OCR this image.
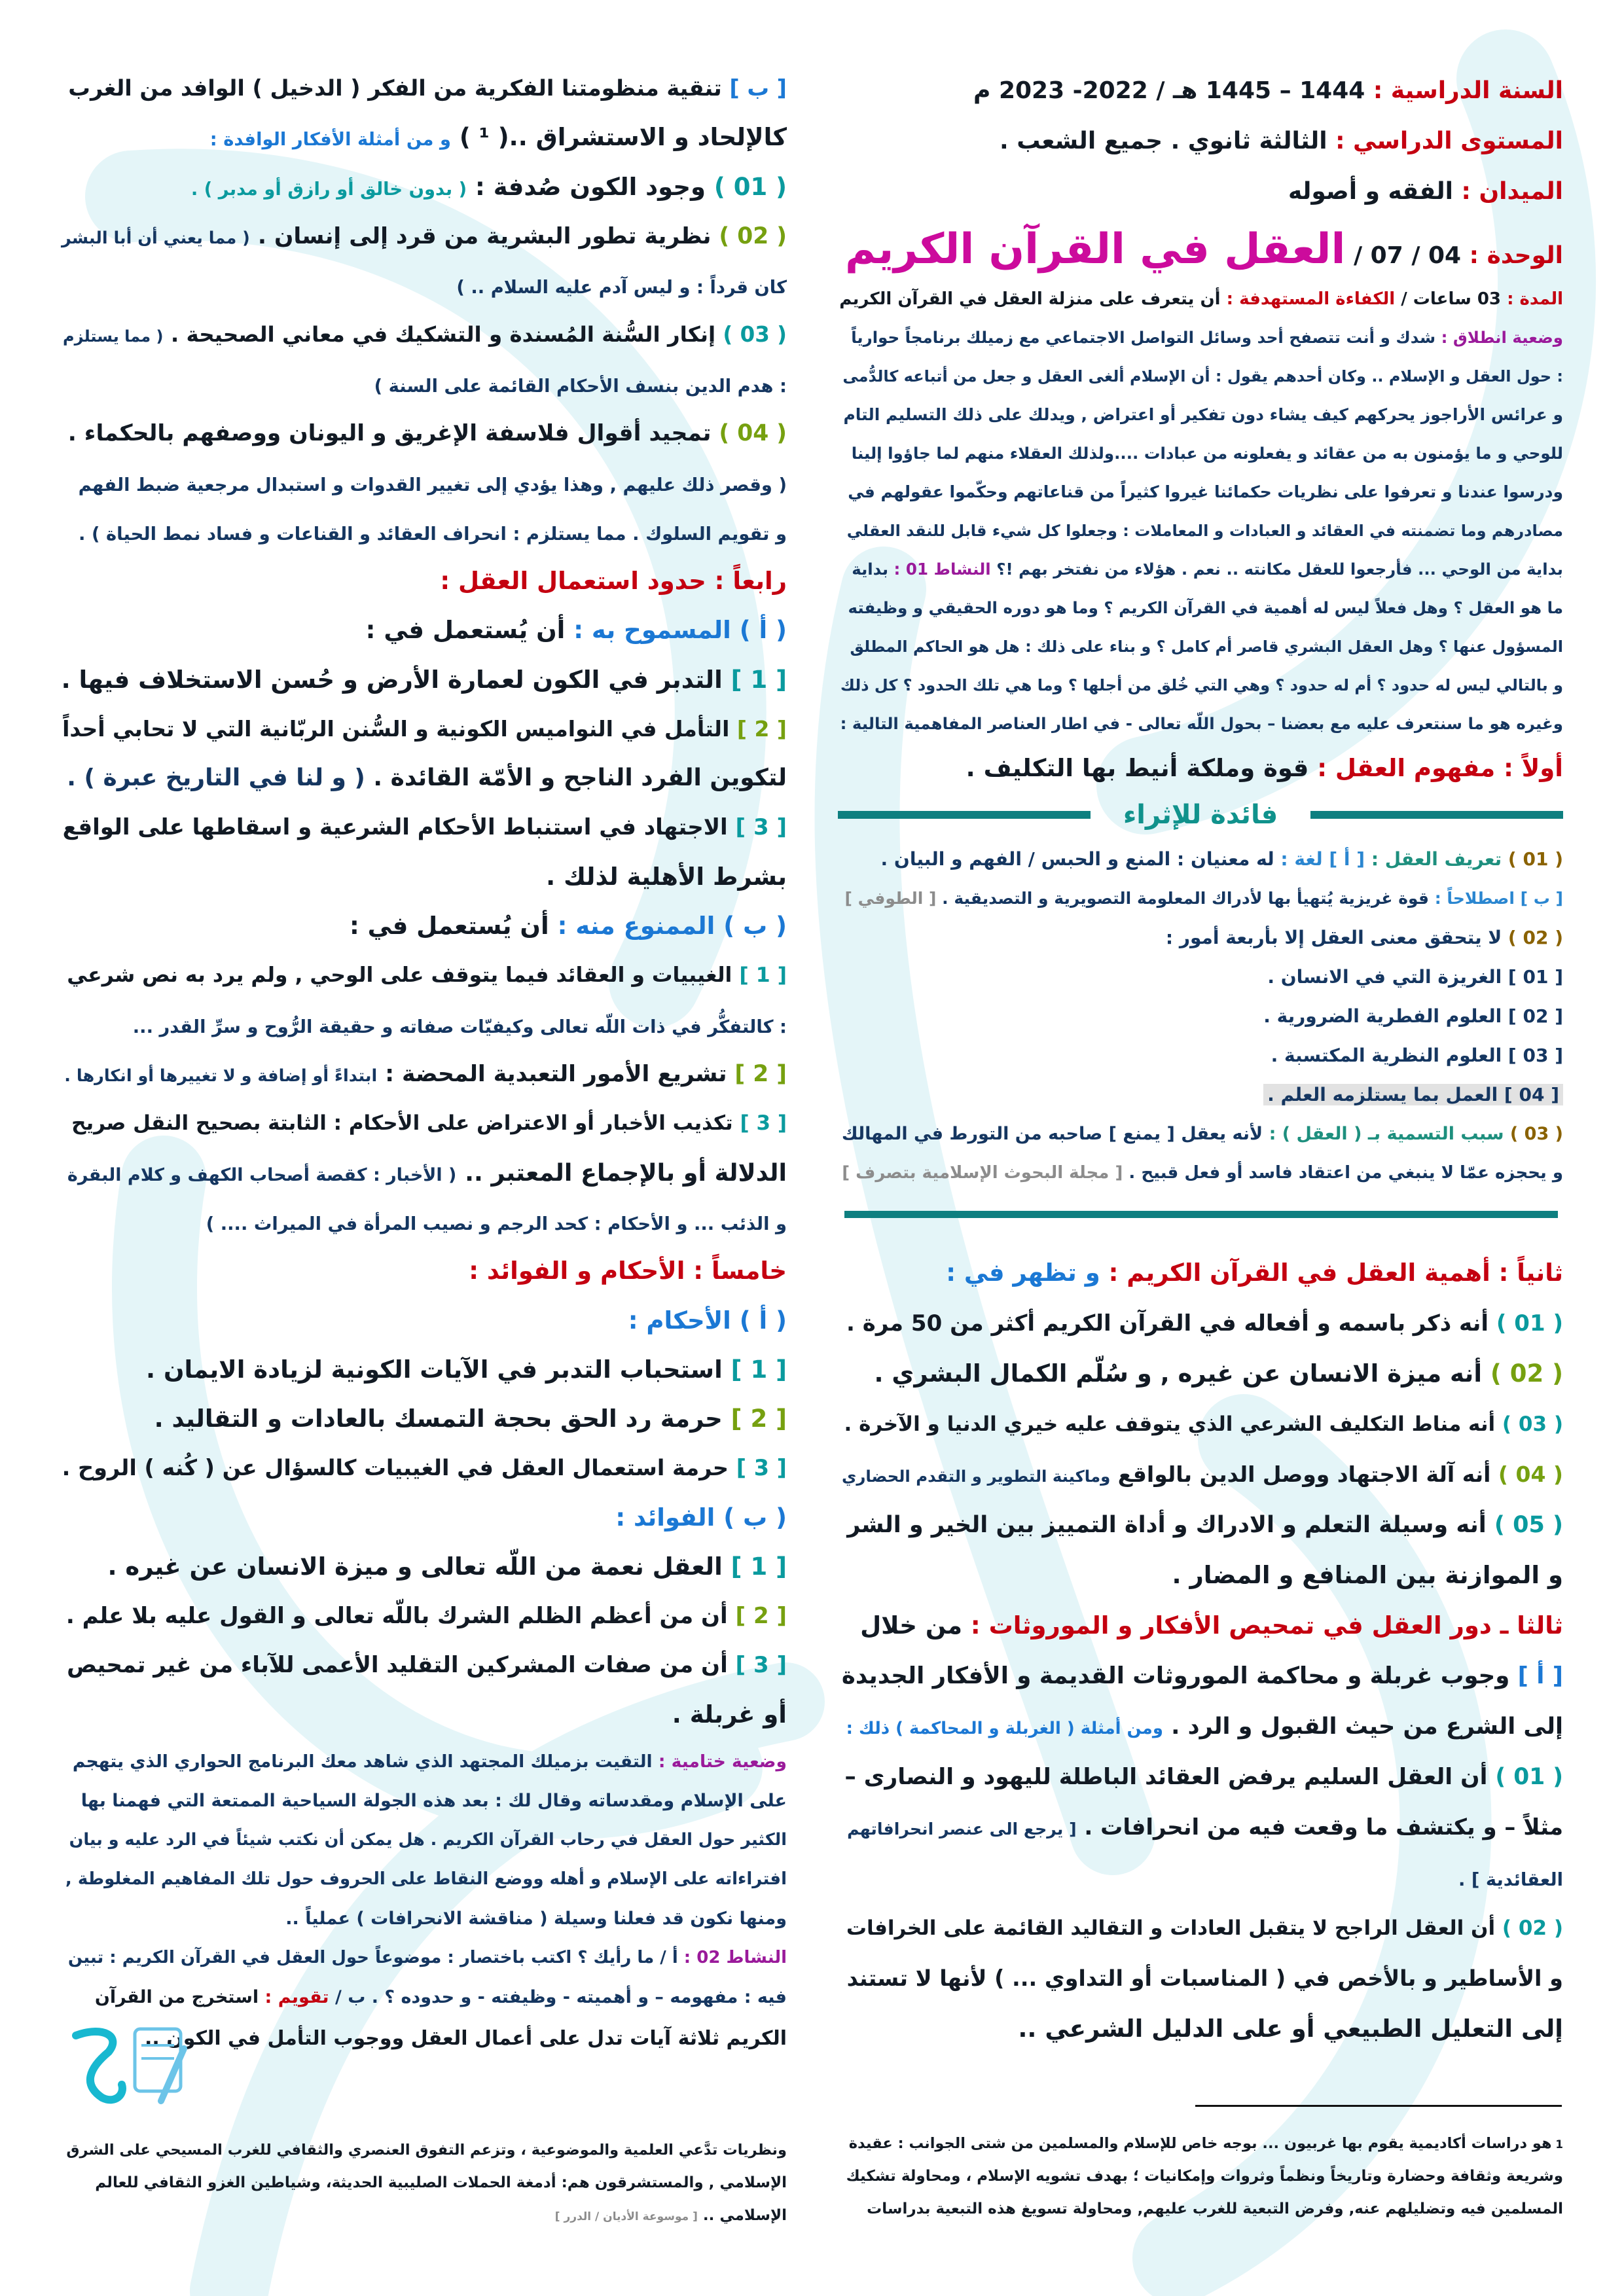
السنة الدراسية : 1444 – 1445 هـ / 2022- 2023 م
المستوى الدراسي : الثالثة ثانوي . جميع الشعب .
الميدان : الفقه و أصوله
الوحدة : 04 / 07 / العقل في القرآن الكريم
المدة : 03 ساعات / الكفاءة المستهدفة : أن يتعرف على منزلة العقل في القرآن الكريم
وضعية انطلاق : شدك و أنت تتصفح أحد وسائل التواصل الاجتماعي مع زميلك برنامجاً حوارياً
: حول العقل و الإسلام .. وكان أحدهم يقول : أن الإسلام ألغى العقل و جعل من أتباعه كالدُّمى
و عرائس الأراجوز يحركهم كيف يشاء دون تفكير أو اعتراض , ويدلك على ذلك التسليم التام
للوحي و ما يؤمنون به من عقائد و يفعلونه من عبادات ....ولذلك العقلاء منهم لما جاؤوا إلينا
ودرسوا عندنا و تعرفوا على نظريات حكمائنا غيروا كثيراً من قناعاتهم وحكّموا عقولهم في
مصادرهم وما تضمنته في العقائد و العبادات و المعاملات : وجعلوا كل شيء قابل للنقد العقلي
بداية من الوحي ... فأرجعوا للعقل مكانته .. نعم . هؤلاء من نفتخر بهم !؟ النشاط 01 : بداية
ما هو العقل ؟ وهل فعلاً ليس له أهمية في القرآن الكريم ؟ وما هو دوره الحقيقي و وظيفته
المسؤول عنها ؟ وهل العقل البشري قاصر أم كامل ؟ و بناء على ذلك : هل هو الحاكم المطلق
و بالتالي ليس له حدود ؟ أم له حدود ؟ وهي التي خُلق من أجلها ؟ وما هي تلك الحدود ؟ كل ذلك
وغيره هو ما سنتعرف عليه مع بعضنا – بحول اللّه تعالى - في اطار العناصر المفاهمية التالية :
أولاً : مفهوم العقل : قوة وملكة أنيط بها التكليف .
فائدة للإثراء
( 01 ) تعريف العقل : [ أ ] لغة : له معنيان : المنع و الحبس / الفهم و البيان .
[ ب ] اصطلاحاً : قوة غريزية يُتهيأ بها لأدراك المعلومة التصويرية و التصديقية . [ الطوفي ]
( 02 ) لا يتحقق معنى العقل إلا بأربعة أمور :
[ 01 ] الغريزة التي في الانسان .
[ 02 ] العلوم الفطرية الضرورية .
[ 03 ] العلوم النظرية المكتسبة .
[ 04 ] العمل بما يستلزمه العلم .
( 03 ) سبب التسمية بـ ( العقل ) : لأنه يعقل [ يمنع ] صاحبه من التورط في المهالك
و يحجزه عمّا لا ينبغي من اعتقاد فاسد أو فعل قبيح . [ مجلة البحوث الإسلامية بتصرف ]
ثانياً : أهمية العقل في القرآن الكريم : و تظهر في :
( 01 ) أنه ذكر باسمه و أفعاله في القرآن الكريم أكثر من 50 مرة .
( 02 ) أنه ميزة الانسان عن غيره , و سُلّم الكمال البشري .
( 03 ) أنه مناط التكليف الشرعي الذي يتوقف عليه خيري الدنيا و الآخرة .
( 04 ) أنه آلة الاجتهاد ووصل الدين بالواقع وماكينة التطوير و التقدم الحضاري
( 05 ) أنه وسيلة التعلم و الادراك و أداة التمييز بين الخير و الشر
و الموازنة بين المنافع و المضار .
ثالثا ـ دور العقل في تمحيص الأفكار و الموروثات : من خلال
[ أ ] وجوب غربلة و محاكمة الموروثات القديمة و الأفكار الجديدة
إلى الشرع من حيث القبول و الرد . ومن أمثلة ( الغربلة و المحاكمة ) ذلك :
( 01 ) أن العقل السليم يرفض العقائد الباطلة لليهود و النصارى –
مثلاً – و يكتشف ما وقعت فيه من انحرافات . [ يرجع الى عنصر انحرافاتهم
العقائدية ] .
( 02 ) أن العقل الراجح لا يتقبل العادات و التقاليد القائمة على الخرافات
و الأساطير و بالأخص في ( المناسبات أو التداوي ... ) لأنها لا تستند
إلى التعليل الطبيعي أو على الدليل الشرعي ..
1 هو دراسات أكاديمية يقوم بها غربيون ... بوجه خاص للإسلام والمسلمين من شتى الجوانب : عقيدة
وشريعة وثقافة وحضارة وتاريخاً ونظماً وثروات وإمكانيات ؛ بهدف تشويه الإسلام ، ومحاولة تشكيك
المسلمين فيه وتضليلهم عنه, وفرض التبعية للغرب عليهم, ومحاولة تسويغ هذه التبعية بدراسات
[ ب ] تنقية منظومتنا الفكرية من الفكر ( الدخيل ) الوافد من الغرب
كالإلحاد و الاستشراق ..( ¹ ) و من أمثلة الأفكار الوافدة :
( 01 ) وجود الكون صُدفة : ( بدون خالق أو رازق أو مدبر ) .
( 02 ) نظرية تطور البشرية من قرد إلى إنسان . ( مما يعني أن أبا البشر
كان قرداً : و ليس آدم عليه السلام .. )
( 03 ) إنكار السُّنة المُسندة و التشكيك في معاني الصحيحة . ( مما يستلزم
: هدم الدين بنسف الأحكام القائمة على السنة )
( 04 ) تمجيد أقوال فلاسفة الإغريق و اليونان ووصفهم بالحكماء .
( وقصر ذلك عليهم , وهذا يؤدي إلى تغيير القدوات و استبدال مرجعية ضبط الفهم
و تقويم السلوك . مما يستلزم : انحراف العقائد و القناعات و فساد نمط الحياة ) .
رابعاً : حدود استعمال العقل :
( أ ) المسموح به : أن يُستعمل في :
[ 1 ] التدبر في الكون لعمارة الأرض و حُسن الاستخلاف فيها .
[ 2 ] التأمل في النواميس الكونية و السُّنن الربّانية التي لا تحابي أحداً
لتكوين الفرد الناجح و الأمّة القائدة . ( و لنا في التاريخ عبرة ) .
[ 3 ] الاجتهاد في استنباط الأحكام الشرعية و اسقاطها على الواقع
بشرط الأهلية لذلك .
( ب ) الممنوع منه : أن يُستعمل في :
[ 1 ] الغيبيات و العقائد فيما يتوقف على الوحي , ولم يرد به نص شرعي
: كالتفكُّر في ذات اللّه تعالى وكيفيّات صفاته و حقيقة الرُّوح و سرِّ القدر ...
[ 2 ] تشريع الأمور التعبدية المحضة : ابتداءً أو إضافة و لا تغييرها أو انكارها .
[ 3 ] تكذيب الأخبار أو الاعتراض على الأحكام : الثابتة بصحيح النقل صريح
الدلالة أو بالإجماع المعتبر .. ( الأخبار : كقصة أصحاب الكهف و كلام البقرة
و الذئب ... و الأحكام : كحد الرجم و نصيب المرأة في الميراث .... )
خامساً : الأحكام و الفوائد :
( أ ) الأحكام :
[ 1 ] استحباب التدبر في الآيات الكونية لزيادة الايمان .
[ 2 ] حرمة رد الحق بحجة التمسك بالعادات و التقاليد .
[ 3 ] حرمة استعمال العقل في الغيبيات كالسؤال عن ( كُنه ) الروح .
( ب ) الفوائد :
[ 1 ] العقل نعمة من اللّه تعالى و ميزة الانسان عن غيره .
[ 2 ] أن من أعظم الظلم الشرك باللّه تعالى و القول عليه بلا علم .
[ 3 ] أن من صفات المشركين التقليد الأعمى للآباء من غير تمحيص
أو غربلة .
وضعية ختامية : التقيت بزميلك المجتهد الذي شاهد معك البرنامج الحواري الذي يتهجم
على الإسلام ومقدساته وقال لك : بعد هذه الجولة السياحية الممتعة التي فهمنا بها
الكثير حول العقل في رحاب القرآن الكريم . هل يمكن أن نكتب شيئاً في الرد عليه و بيان
افتراءاته على الإسلام و أهله ووضع النقاط على الحروف حول تلك المفاهيم المغلوطة ,
ومنها نكون قد فعلنا وسيلة ( مناقشة الانحرافات ) عملياً ..
النشاط 02 : أ / ما رأيك ؟ اكتب باختصار : موضوعاً حول العقل في القرآن الكريم : تبين
فيه : مفهومه – و أهميته - وظيفته - و حدوده ؟ . ب / تقويم : استخرج من القرآن
الكريم ثلاثة آيات تدل على أعمال العقل ووجوب التأمل في الكون ..
ونظريات تدَّعي العلمية والموضوعية ، وتزعم التفوق العنصري والثقافي للغرب المسيحي على الشرق
الإسلامي , والمستشرقون هم: أدمغة الحملات الصليبية الحديثة، وشياطين الغزو الثقافي للعالم
الإسلامي .. [ موسوعة الأديان / الدرر ]
